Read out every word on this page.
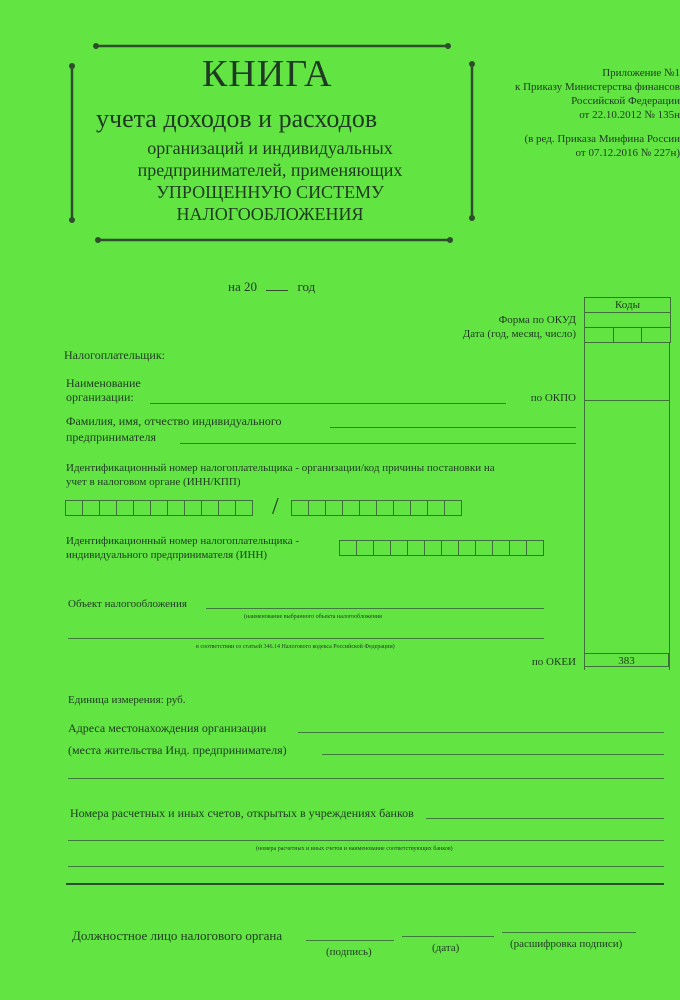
КНИГА
учета доходов и расходов
организаций и индивидуальных
предпринимателей, применяющих
УПРОЩЕННУЮ СИСТЕМУ
НАЛОГООБЛОЖЕНИЯ
Приложение №1
к Приказу Министерства финансов
Российской Федерации
от 22.10.2012 № 135н
(в ред. Приказа Минфина России
от 07.12.2016 № 227н)
на 20	год
Коды
Форма по ОКУД
Дата (год, месяц, число)
по ОКПО
по ОКЕИ	383
Налогоплательщик:
Наименование
организации:
Фамилия, имя, отчество индивидуального
предпринимателя
Идентификационный номер налогоплательщика - организации/код причины постановки на
учет в налоговом органе (ИНН/КПП)
/
Идентификационный номер налогоплательщика -
индивидуального предпринимателя (ИНН)
Объект налогообложения
(наименование выбранного объекта налогообложения
в соответствии со статьей 346.14 Налогового кодекса Российской Федерации)
Единица измерения: руб.
Адреса местонахождения организации
(места жительства Инд. предпринимателя)
Номера расчетных и иных счетов, открытых в учреждениях банков
(номера расчетных и иных счетов и наименование соответствующих банков)
Должностное лицо налогового органа
(подпись)	(дата)	(расшифровка подписи)
